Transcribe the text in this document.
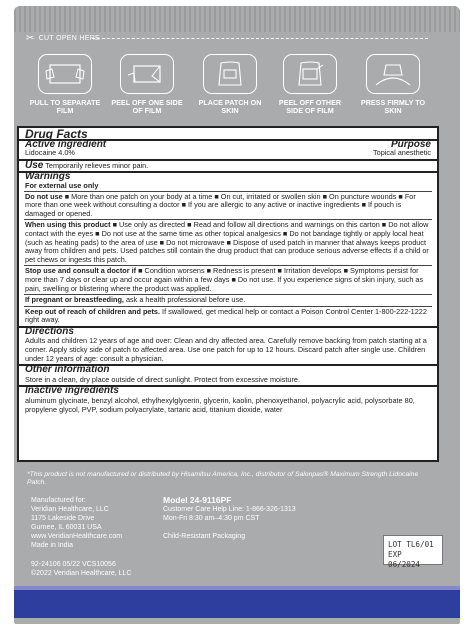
✂ CUT OPEN HERE
PULL TO SEPARATE FILM
PEEL OFF ONE SIDE OF FILM
PLACE PATCH ON SKIN
PEEL OFF OTHER SIDE OF FILM
PRESS FIRMLY TO SKIN
Drug Facts
Active ingredient	Purpose
Lidocaine 4.0%	Topical anesthetic
Use Temporarily relieves minor pain.
Warnings
For external use only
Do not use ■ More than one patch on your body at a time ■ On cut, irritated or swollen skin ■ On puncture wounds ■ For more than one week without consulting a doctor ■ If you are allergic to any active or inactive ingredients ■ If pouch is damaged or opened.
When using this product ■ Use only as directed ■ Read and follow all directions and warnings on this carton ■ Do not allow contact with the eyes ■ Do not use at the same time as other topical analgesics ■ Do not bandage tightly or apply local heat (such as heating pads) to the area of use ■ Do not microwave ■ Dispose of used patch in manner that always keeps product away from children and pets. Used patches still contain the drug product that can produce serious adverse effects if a child or pet chews or ingests this patch.
Stop use and consult a doctor if ■ Condition worsens ■ Redness is present ■ Irritation develops ■ Symptoms persist for more than 7 days or clear up and occur again within a few days ■ Do not use. If you experience signs of skin injury, such as pain, swelling or blistering where the product was applied.
If pregnant or breastfeeding, ask a health professional before use.
Keep out of reach of children and pets. If swallowed, get medical help or contact a Poison Control Center 1-800-222-1222 right away.
Directions
Adults and children 12 years of age and over: Clean and dry affected area. Carefully remove backing from patch starting at a corner. Apply sticky side of patch to affected area. Use one patch for up to 12 hours. Discard patch after single use. Children under 12 years of age: consult a physician.
Other information
Store in a clean, dry place outside of direct sunlight. Protect from excessive moisture.
Inactive ingredients
aluminum glycinate, benzyl alcohol, ethylhexylglycerin, glycerin, kaolin, phenoxyethanol, polyacrylic acid, polysorbate 80, propylene glycol, PVP, sodium polyacrylate, tartaric acid, titanium dioxide, water
*This product is not manufactured or distributed by Hisamitsu America, Inc., distributor of Salonpas® Maximum Strength Lidocaine Patch.
Manufactured for:
Veridian Healthcare, LLC
1175 Lakeside Drive
Gurnee, IL 60031 USA
www.VeridianHealthcare.com
Made in India
92-24106 05/22 VCS10056
©2022 Veridian Healthcare, LLC
Model 24-9116PF
Customer Care Help Line: 1-866-326-1313
Mon-Fri 8:30 am–4:30 pm CST
Child-Resistant Packaging
LOT TL6/01
EXP 06/2024
